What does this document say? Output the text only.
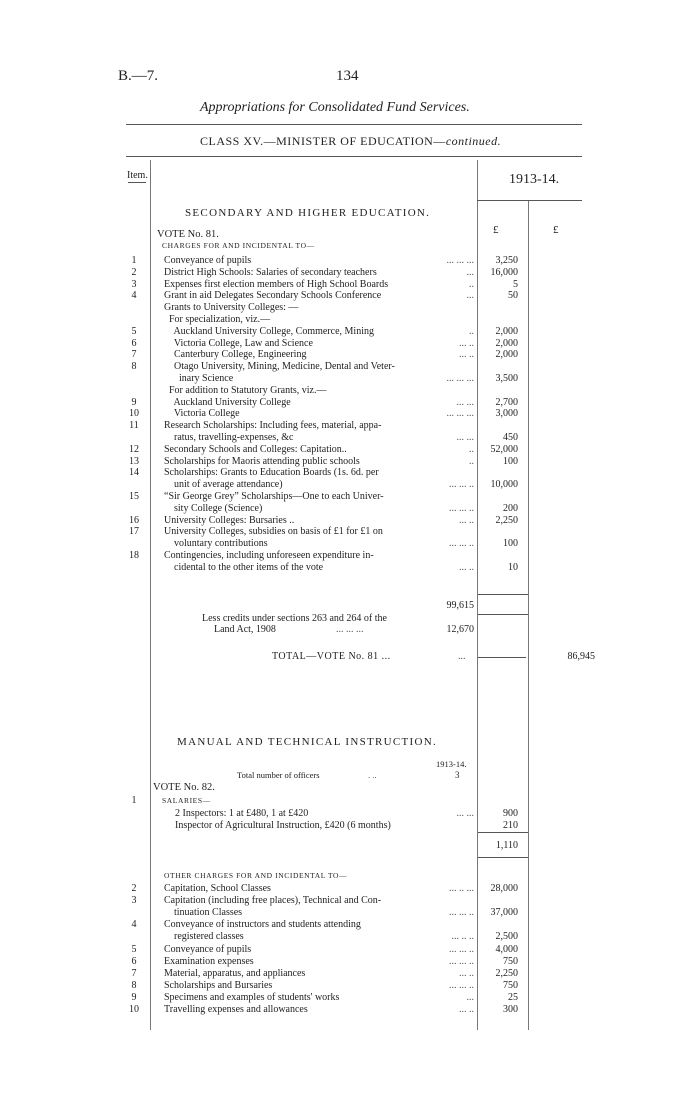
B.—7.	134
Appropriations for Consolidated Fund Services.
CLASS XV.—MINISTER OF EDUCATION—continued.
Item.	1913-14.
SECONDARY AND HIGHER EDUCATION.
£	£
VOTE No. 81.
CHARGES FOR AND INCIDENTAL TO—
1	Conveyance of pupils	... ... ...	3,250
2	District High Schools: Salaries of secondary teachers	...	16,000
3	Expenses first election members of High School Boards	..	5
4	Grant in aid Delegates Secondary Schools Conference	...	50
Grants to University Colleges: —
For specialization, viz.—
5	Auckland University College, Commerce, Mining	..	2,000
6	Victoria College, Law and Science	... ..	2,000
7	Canterbury College, Engineering	... ..	2,000
8	Otago University, Mining, Medicine, Dental and Veter-
inary Science	... ... ...	3,500
For addition to Statutory Grants, viz.—
9	Auckland University College	... ...	2,700
10	Victoria College	... ... ...	3,000
11	Research Scholarships: Including fees, material, appa-
ratus, travelling-expenses, &c	... ...	450
12	Secondary Schools and Colleges: Capitation..	..	52,000
13	Scholarships for Maoris attending public schools	..	100
14	Scholarships: Grants to Education Boards (1s. 6d. per
unit of average attendance)	... ... ..	10,000
15	“Sir George Grey” Scholarships—One to each Univer-
sity College (Science)	... ... ..	200
16	University Colleges: Bursaries ..	... ..	2,250
17	University Colleges, subsidies on basis of £1 for £1 on
voluntary contributions	... ... ..	100
18	Contingencies, including unforeseen expenditure in-
cidental to the other items of the vote	... ..	10
99,615
Less credits under sections 263 and 264 of the
Land Act, 1908	... ... ...	12,670
TOTAL—VOTE No. 81 ...	...	86,945
MANUAL AND TECHNICAL INSTRUCTION.
1913-14.
Total number of officers	. ..	3
VOTE No. 82.
1	SALARIES—
2 Inspectors: 1 at £480, 1 at £420	... ...	900
Inspector of Agricultural Instruction, £420 (6 months)	210
1,110
OTHER CHARGES FOR AND INCIDENTAL TO—
2	Capitation, School Classes	... .. ...	28,000
3	Capitation (including free places), Technical and Con-
tinuation Classes	... ... ..	37,000
4	Conveyance of instructors and students attending
registered classes	... .. ..	2,500
5	Conveyance of pupils	... ... ..	4,000
6	Examination expenses	... ... ..	750
7	Material, apparatus, and appliances	... ..	2,250
8	Scholarships and Bursaries	... ... ..	750
9	Specimens and examples of students' works	...	25
10	Travelling expenses and allowances	... ..	300
